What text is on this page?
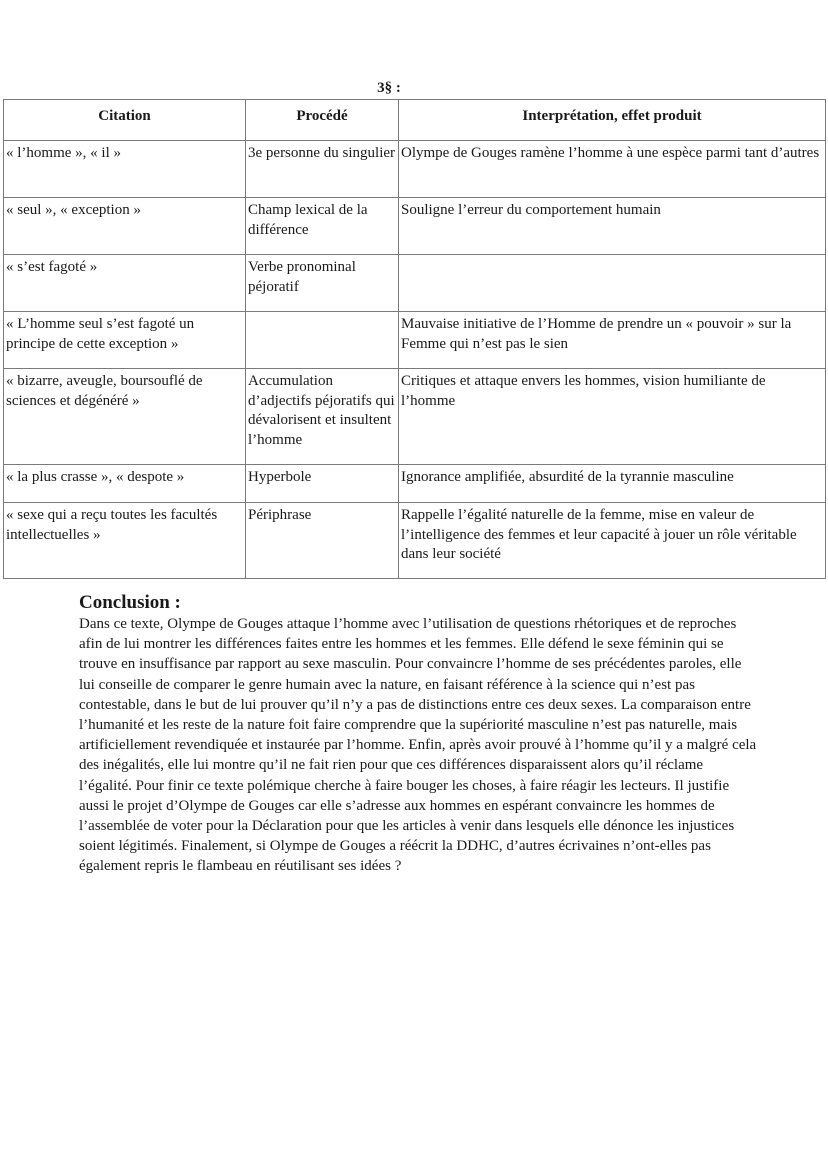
3§ :
Citation	Procédé	Interprétation, effet produit
« l’homme », « il »	3e personne du singulier	Olympe de Gouges ramène l’homme à une espèce parmi tant d’autres
« seul », « exception »	Champ lexical de la différence	Souligne l’erreur du comportement humain
« s’est fagoté »	Verbe pronominal péjoratif	
« L’homme seul s’est fagoté un principe de cette exception »		Mauvaise initiative de l’Homme de prendre un « pouvoir » sur la Femme qui n’est pas le sien
« bizarre, aveugle, boursouflé de sciences et dégénéré »	Accumulation d’adjectifs péjoratifs qui dévalorisent et insultent l’homme	Critiques et attaque envers les hommes, vision humiliante de l’homme
« la plus crasse », « despote »	Hyperbole	Ignorance amplifiée, absurdité de la tyrannie masculine
« sexe qui a reçu toutes les facultés intellectuelles »	Périphrase	Rappelle l’égalité naturelle de la femme, mise en valeur de l’intelligence des femmes et leur capacité à jouer un rôle véritable dans leur société
Conclusion :

Dans ce texte, Olympe de Gouges attaque l’homme avec l’utilisation de questions rhétoriques et de reproches afin de lui montrer les différences faites entre les hommes et les femmes. Elle défend le sexe féminin qui se trouve en insuffisance par rapport au sexe masculin. Pour convaincre l’homme de ses précédentes paroles, elle lui conseille de comparer le genre humain avec la nature, en faisant référence à la science qui n’est pas contestable, dans le but de lui prouver qu’il n’y a pas de distinctions entre ces deux sexes. La comparaison entre l’humanité et les reste de la nature foit faire comprendre que la supériorité masculine n’est pas naturelle, mais artificiellement revendiquée et instaurée par l’homme. Enfin, après avoir prouvé à l’homme qu’il y a malgré cela des inégalités, elle lui montre qu’il ne fait rien pour que ces différences disparaissent alors qu’il réclame l’égalité. Pour finir ce texte polémique cherche à faire bouger les choses, à faire réagir les lecteurs. Il justifie aussi le projet d’Olympe de Gouges car elle s’adresse aux hommes en espérant convaincre les hommes de l’assemblée de voter pour la Déclaration pour que les articles à venir dans lesquels elle dénonce les injustices soient légitimés. Finalement, si Olympe de Gouges a réécrit la DDHC, d’autres écrivaines n’ont-elles pas également repris le flambeau en réutilisant ses idées ?
